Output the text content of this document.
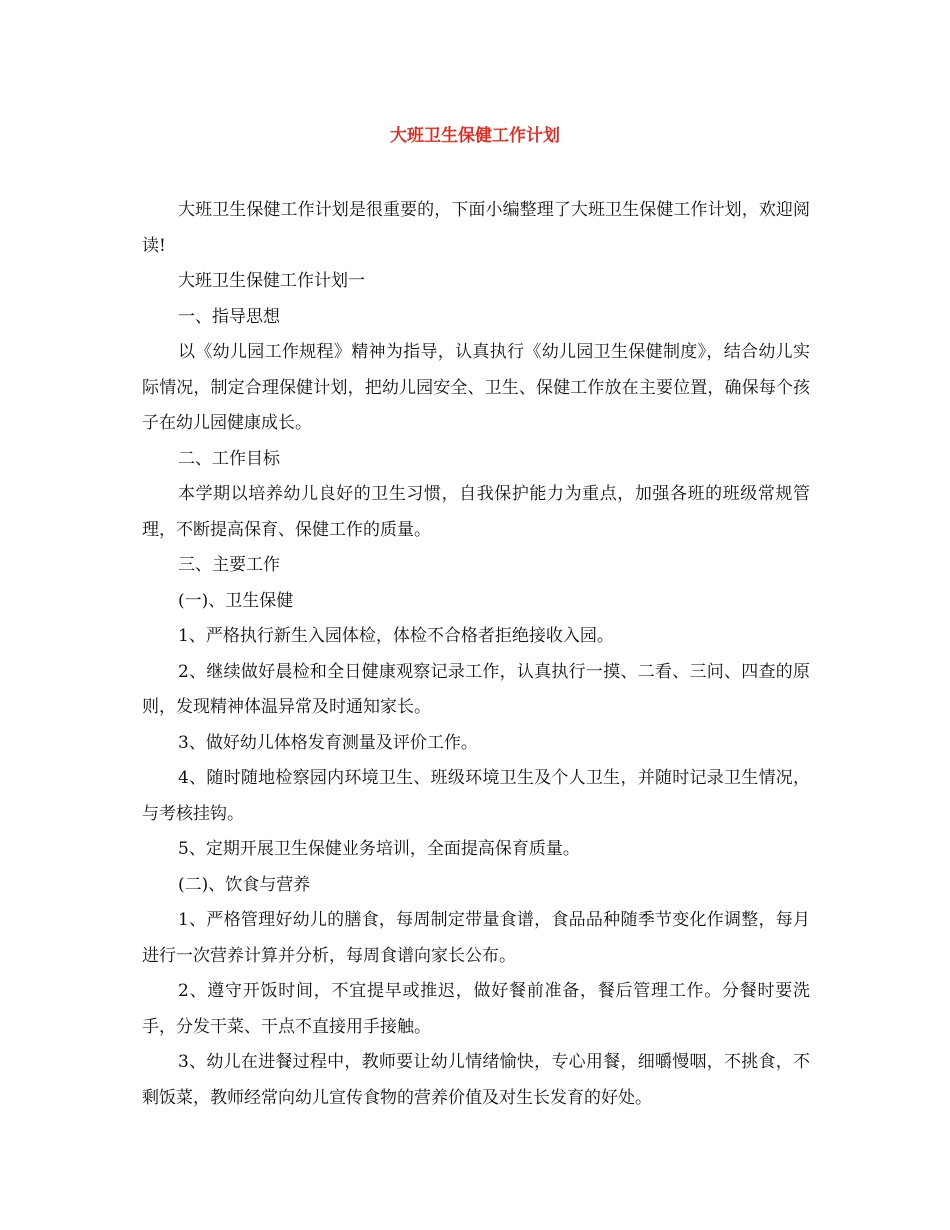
大班卫生保健工作计划

大班卫生保健工作计划是很重要的，下面小编整理了大班卫生保健工作计划，欢迎阅读!

大班卫生保健工作计划一

一、指导思想

以《幼儿园工作规程》精神为指导，认真执行《幼儿园卫生保健制度》，结合幼儿实际情况，制定合理保健计划，把幼儿园安全、卫生、保健工作放在主要位置，确保每个孩子在幼儿园健康成长。

二、工作目标

本学期以培养幼儿良好的卫生习惯，自我保护能力为重点，加强各班的班级常规管理，不断提高保育、保健工作的质量。

三、主要工作

(一)、卫生保健

1、严格执行新生入园体检，体检不合格者拒绝接收入园。

2、继续做好晨检和全日健康观察记录工作，认真执行一摸、二看、三问、四查的原则，发现精神体温异常及时通知家长。

3、做好幼儿体格发育测量及评价工作。

4、随时随地检察园内环境卫生、班级环境卫生及个人卫生，并随时记录卫生情况，与考核挂钩。

5、定期开展卫生保健业务培训，全面提高保育质量。

(二)、饮食与营养

1、严格管理好幼儿的膳食，每周制定带量食谱，食品品种随季节变化作调整，每月进行一次营养计算并分析，每周食谱向家长公布。

2、遵守开饭时间，不宜提早或推迟，做好餐前准备，餐后管理工作。分餐时要洗手，分发干菜、干点不直接用手接触。

3、幼儿在进餐过程中，教师要让幼儿情绪愉快，专心用餐，细嚼慢咽，不挑食，不剩饭菜，教师经常向幼儿宣传食物的营养价值及对生长发育的好处。
